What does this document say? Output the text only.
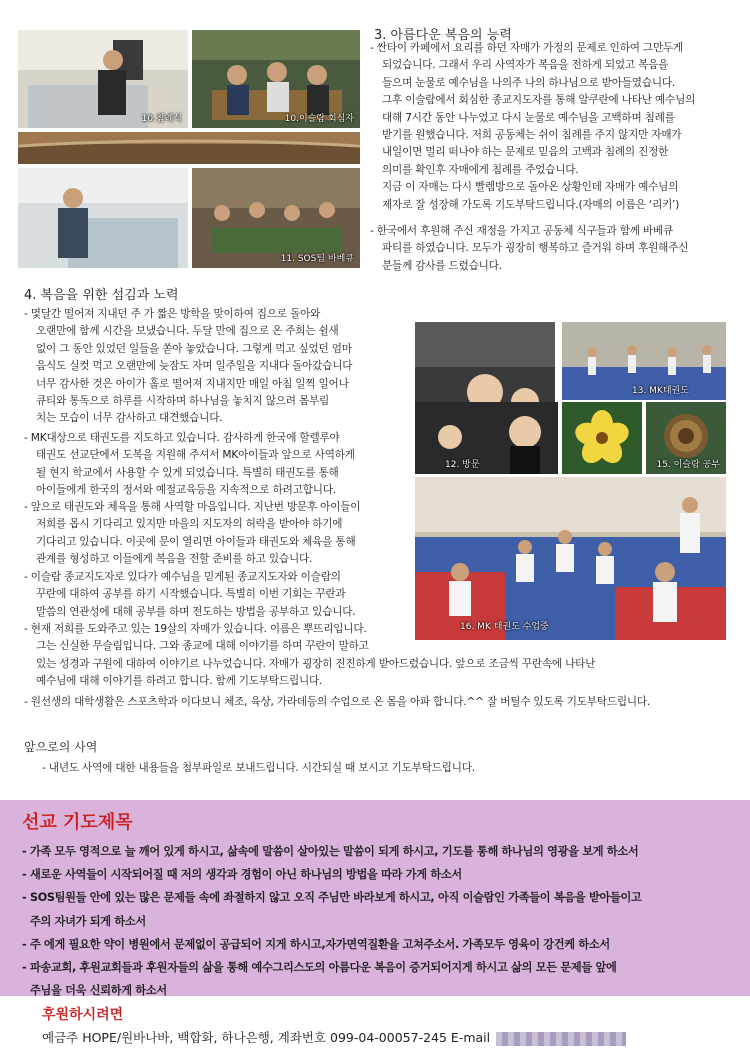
10.침례식	10.이슬람 회심자
11. SOS팀 바베큐
3. 아름다운 복음의 능력
- 싼타이 카페에서 요리를 하던 자매가 가정의 문제로 인하여 그만두게
되었습니다. 그래서 우리 사역자가 복음을 전하게 되었고 복음을
들으며 눈물로 예수님을 나의주 나의 하나님으로 받아들였습니다.
그후 이슬람에서 회심한 종교지도자를 통해 알쿠란에 나타난 예수님의
대해 7시간 동안 나누었고 다시 눈물로 예수님을 고백하며 침례를
받기를 원했습니다. 저희 공동체는 쉬이 침례를 주지 않지만 자매가
내일이면 멀리 떠나야 하는 문제로 믿음의 고백과 침례의 진정한
의미를 확인후 자매에게 침례를 주었습니다.
지금 이 자매는 다시 빨렘방으로 돌아온 상황인데 자매가 예수님의
제자로 잘 성장해 가도록 기도부탁드립니다.(자매의 이름은 ‘리키’)
- 한국에서 후원해 주신 재정을 가지고 공동체 식구들과 함께 바베큐
파티를 하였습니다. 모두가 굉장히 행복하고 즐거워 하며 후원해주신
분들께 감사를 드렸습니다.
4. 복음을 위한 섬김과 노력
- 몇달간 떨어져 지내던 주 가 짧은 방학을 맞이하여 집으로 돌아와
오랜만에 함께 시간을 보냈습니다. 두달 만에 집으로 온 주희는 쉴새
없이 그 동안 있었던 일들을 쏟아 놓았습니다. 그렇게 먹고 싶었던 엄마
음식도 실컷 먹고 오랜만에 늦잠도 자며 일주일을 지내다 돌아갔습니다
너무 감사한 것은 아이가 홀로 떨어져 지내지만 매일 아침 일찍 일어나
큐티와 통독으로 하루를 시작하며 하나님을 놓치지 않으려 몸부림
치는 모습이 너무 감사하고 대견했습니다.
- MK대상으로 태권도를 지도하고 있습니다. 감사하게 한국에 할렐루야
태권도 선교단에서 도복을 지원해 주셔서 MK아이들과 앞으로 사역하게
될 현지 학교에서 사용할 수 있게 되었습니다. 특별히 태권도를 통해
아이들에게 한국의 정서와 예절교육등을 지속적으로 하려고합니다.
- 앞으로 태권도와 체육을 통해 사역할 마음입니다. 지난번 방문후 아이들이
저희를 몹시 기다리고 있지만 마을의 지도자의 허락을 받아야 하기에
기다리고 있습니다. 이곳에 문이 열리면 아이들과 태권도와 체육을 통해
관계를 형성하고 이들에게 복음을 전할 준비를 하고 있습니다.
- 이슬람 종교지도자로 있다가 예수님을 믿게된 종교지도자와 이슬람의
꾸란에 대하여 공부를 하기 시작했습니다. 특별히 이번 기회는 꾸란과
말씀의 연관성에 대해 공부를 하며 전도하는 방법을 공부하고 있습니다.
- 현재 저희를 도와주고 있는 19살의 자매가 있습니다. 이름은 뿌뜨리입니다.
그는 신실한 무슬림입니다. 그와 종교에 대해 이야기를 하며 꾸란이 말하고
있는 성경과 구원에 대하여 이야기르 나누었습니다. 자매가 굉장히 진진하게 받아드렸습니다. 앞으로 조금씩 꾸란속에 나타난
예수님에 대해 이야기를 하려고 합니다. 함께 기도부탁드립니다.
- 원선생의 대학생활은 스포츠학과 이다보니 체조, 육상, 가라데등의 수업으로 온 몸을 아파 합니다.^^ 잘 버틸수 있도록 기도부탁드립니다.
12. 방문
13. MK태권도
15. 이슬람 공부
16. MK 태권도 수업중
앞으로의 사역
- 내년도 사역에 대한 내용들을 첨부파일로 보내드립니다. 시간되실 때 보시고 기도부탁드립니다.
선교 기도제목
- 가족 모두 영적으로 늘 깨어 있게 하시고, 삶속에 말씀이 살아있는 말씀이 되게 하시고, 기도를 통해 하나님의 영광을 보게 하소서
- 새로운 사역들이 시작되어질 때 저의 생각과 경험이 아닌 하나님의 방법을 따라 가게 하소서
- SOS팀원들 안에 있는 많은 문제들 속에 좌절하지 않고 오직 주님만 바라보게 하시고, 아직 이슬람인 가족들이 복음을 받아들이고
주의 자녀가 되게 하소서
- 주 에게 필요한 약이 병원에서 문제없이 공급되어 지게 하시고,자가면역질환을 고쳐주소서. 가족모두 영육이 강건케 하소서
- 파송교회, 후원교회들과 후원자들의 삶을 통해 예수그리스도의 아름다운 복음이 증거되어지게 하시고 삶의 모든 문제들 앞에
주님을 더욱 신뢰하게 하소서
후원하시려면
예금주 HOPE/원바나바, 백합화, 하나은행, 계좌번호 099-04-00057-245 E-mail
